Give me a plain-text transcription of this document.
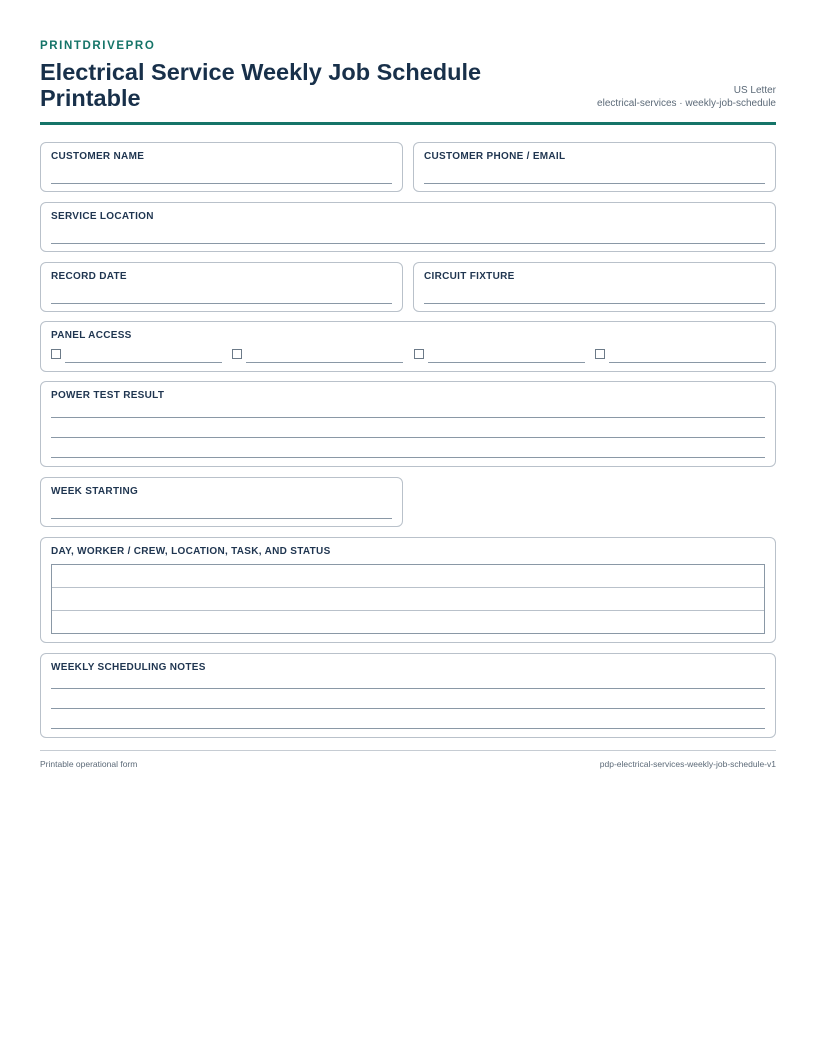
PRINTDRIVEPRO
Electrical Service Weekly Job Schedule Printable	US Letter
electrical-services · weekly-job-schedule
CUSTOMER NAME	CUSTOMER PHONE / EMAIL
SERVICE LOCATION
RECORD DATE	CIRCUIT FIXTURE
PANEL ACCESS
POWER TEST RESULT
WEEK STARTING
DAY, WORKER / CREW, LOCATION, TASK, AND STATUS
WEEKLY SCHEDULING NOTES
Printable operational form	pdp-electrical-services-weekly-job-schedule-v1
